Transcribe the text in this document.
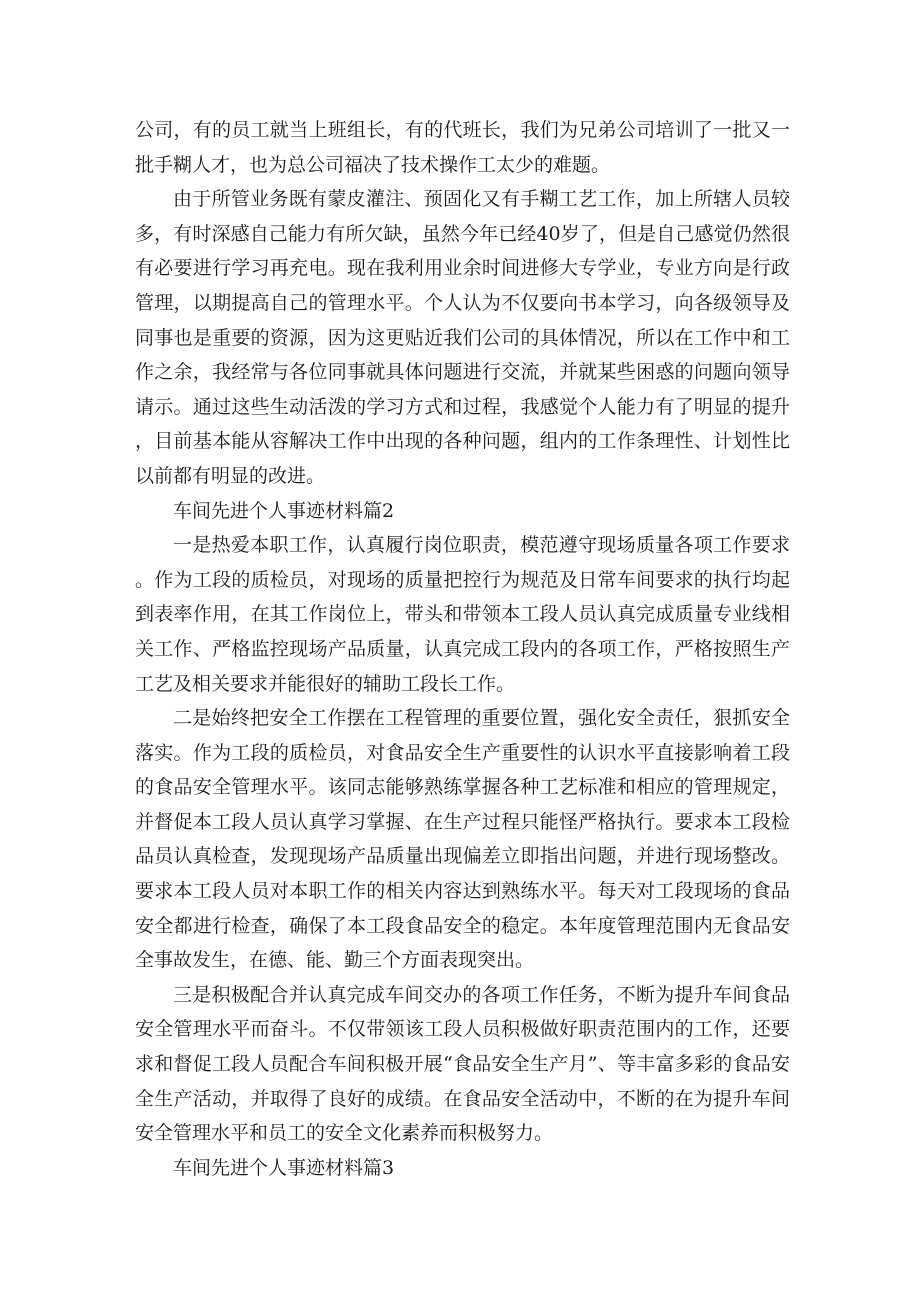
公司，有的员工就当上班组长，有的代班长，我们为兄弟公司培训了一批又一批手糊人才，也为总公司福决了技术操作工太少的难题。

由于所管业务既有蒙皮灌注、预固化又有手糊工艺工作，加上所辖人员较多，有时深感自己能力有所欠缺，虽然今年已经40岁了，但是自己感觉仍然很有必要进行学习再充电。现在我利用业余时间进修大专学业，专业方向是行政管理，以期提高自己的管理水平。个人认为不仅要向书本学习，向各级领导及同事也是重要的资源，因为这更贴近我们公司的具体情况，所以在工作中和工作之余，我经常与各位同事就具体问题进行交流，并就某些困惑的问题向领导请示。通过这些生动活泼的学习方式和过程，我感觉个人能力有了明显的提升，目前基本能从容解决工作中出现的各种问题，组内的工作条理性、计划性比以前都有明显的改进。

车间先进个人事迹材料篇2

一是热爱本职工作，认真履行岗位职责，模范遵守现场质量各项工作要求。作为工段的质检员，对现场的质量把控行为规范及日常车间要求的执行均起到表率作用，在其工作岗位上，带头和带领本工段人员认真完成质量专业线相关工作、严格监控现场产品质量，认真完成工段内的各项工作，严格按照生产工艺及相关要求并能很好的辅助工段长工作。

二是始终把安全工作摆在工程管理的重要位置，强化安全责任，狠抓安全落实。作为工段的质检员，对食品安全生产重要性的认识水平直接影响着工段的食品安全管理水平。该同志能够熟练掌握各种工艺标准和相应的管理规定，并督促本工段人员认真学习掌握、在生产过程只能怪严格执行。要求本工段检品员认真检查，发现现场产品质量出现偏差立即指出问题，并进行现场整改。要求本工段人员对本职工作的相关内容达到熟练水平。每天对工段现场的食品安全都进行检查，确保了本工段食品安全的稳定。本年度管理范围内无食品安全事故发生，在德、能、勤三个方面表现突出。

三是积极配合并认真完成车间交办的各项工作任务，不断为提升车间食品安全管理水平而奋斗。不仅带领该工段人员积极做好职责范围内的工作，还要求和督促工段人员配合车间积极开展“食品安全生产月”、等丰富多彩的食品安全生产活动，并取得了良好的成绩。在食品安全活动中，不断的在为提升车间安全管理水平和员工的安全文化素养而积极努力。

车间先进个人事迹材料篇3
